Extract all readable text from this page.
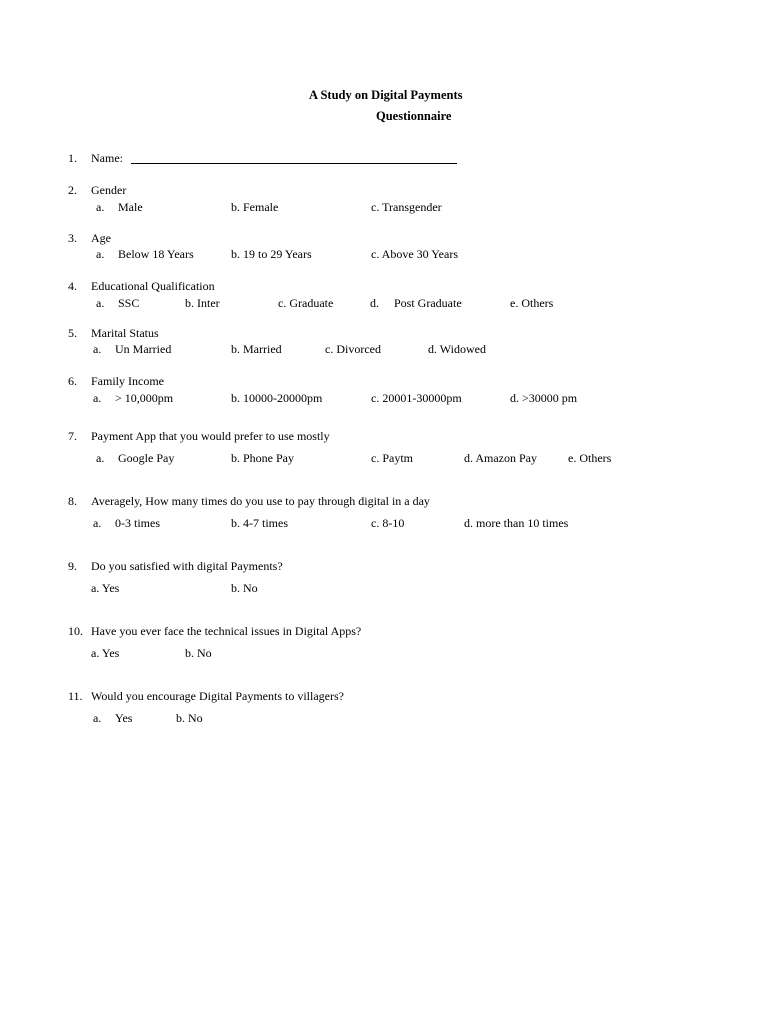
A Study on Digital Payments
Questionnaire
1. Name:
2. Gender
a. Male	b. Female	c. Transgender
3. Age
a. Below 18 Years	b. 19 to 29 Years	c. Above 30 Years
4. Educational Qualification
a. SSC	b. Inter	c. Graduate	d. Post Graduate	e. Others
5. Marital Status
a. Un Married	b. Married	c. Divorced	d. Widowed
6. Family Income
a. > 10,000pm	b. 10000-20000pm	c. 20001-30000pm	d. >30000 pm
7. Payment App that you would prefer to use mostly
a. Google Pay	b. Phone Pay	c. Paytm	d. Amazon Pay	e. Others
8. Averagely, How many times do you use to pay through digital in a day
a. 0-3 times	b. 4-7 times	c. 8-10	d. more than 10 times
9. Do you satisfied with digital Payments?
a. Yes	b. No
10. Have you ever face the technical issues in Digital Apps?
a. Yes	b. No
11. Would you encourage Digital Payments to villagers?
a. Yes	b. No
